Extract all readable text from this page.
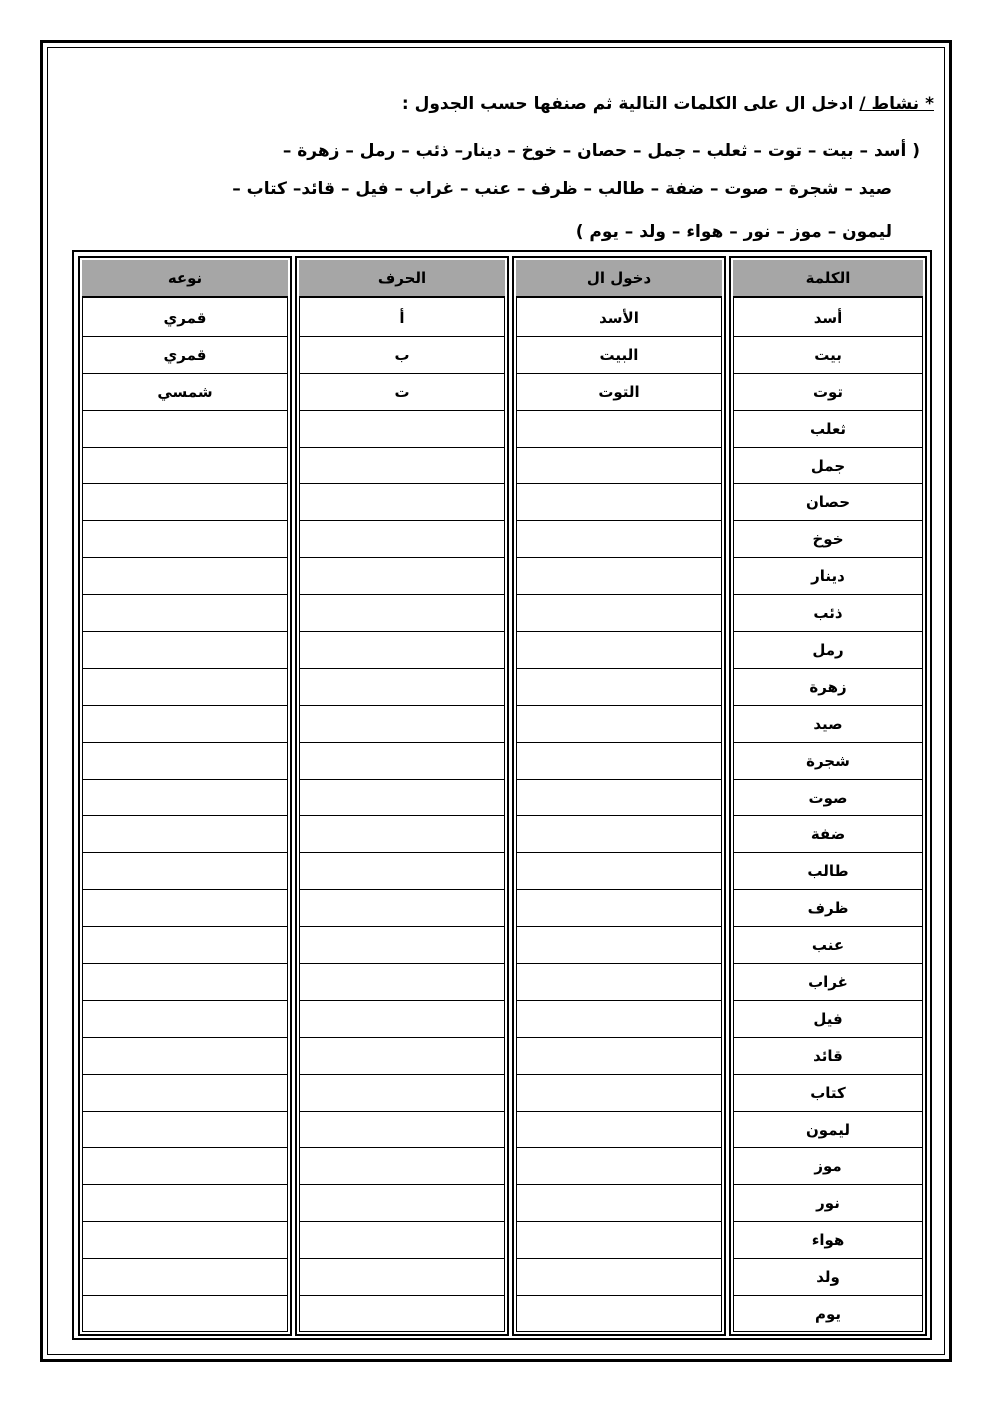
* نشاط / ادخل ال على الكلمات التالية ثم صنفها حسب الجدول :
( أسد – بيت – توت – ثعلب – جمل – حصان – خوخ – دينار– ذئب – رمل – زهرة –
صيد – شجرة – صوت – ضفة – طالب – ظرف – عنب – غراب – فيل – قائد– كتاب –
ليمون – موز – نور – هواء – ولد – يوم )
الكلمة
أسد
بيت
توت
ثعلب
جمل
حصان
خوخ
دينار
ذئب
رمل
زهرة
صيد
شجرة
صوت
ضفة
طالب
ظرف
عنب
غراب
فيل
قائد
كتاب
ليمون
موز
نور
هواء
ولد
يوم
دخول ال
الأسد
البيت
التوت
الحرف
أ
ب
ت
نوعه
قمري
قمري
شمسي
